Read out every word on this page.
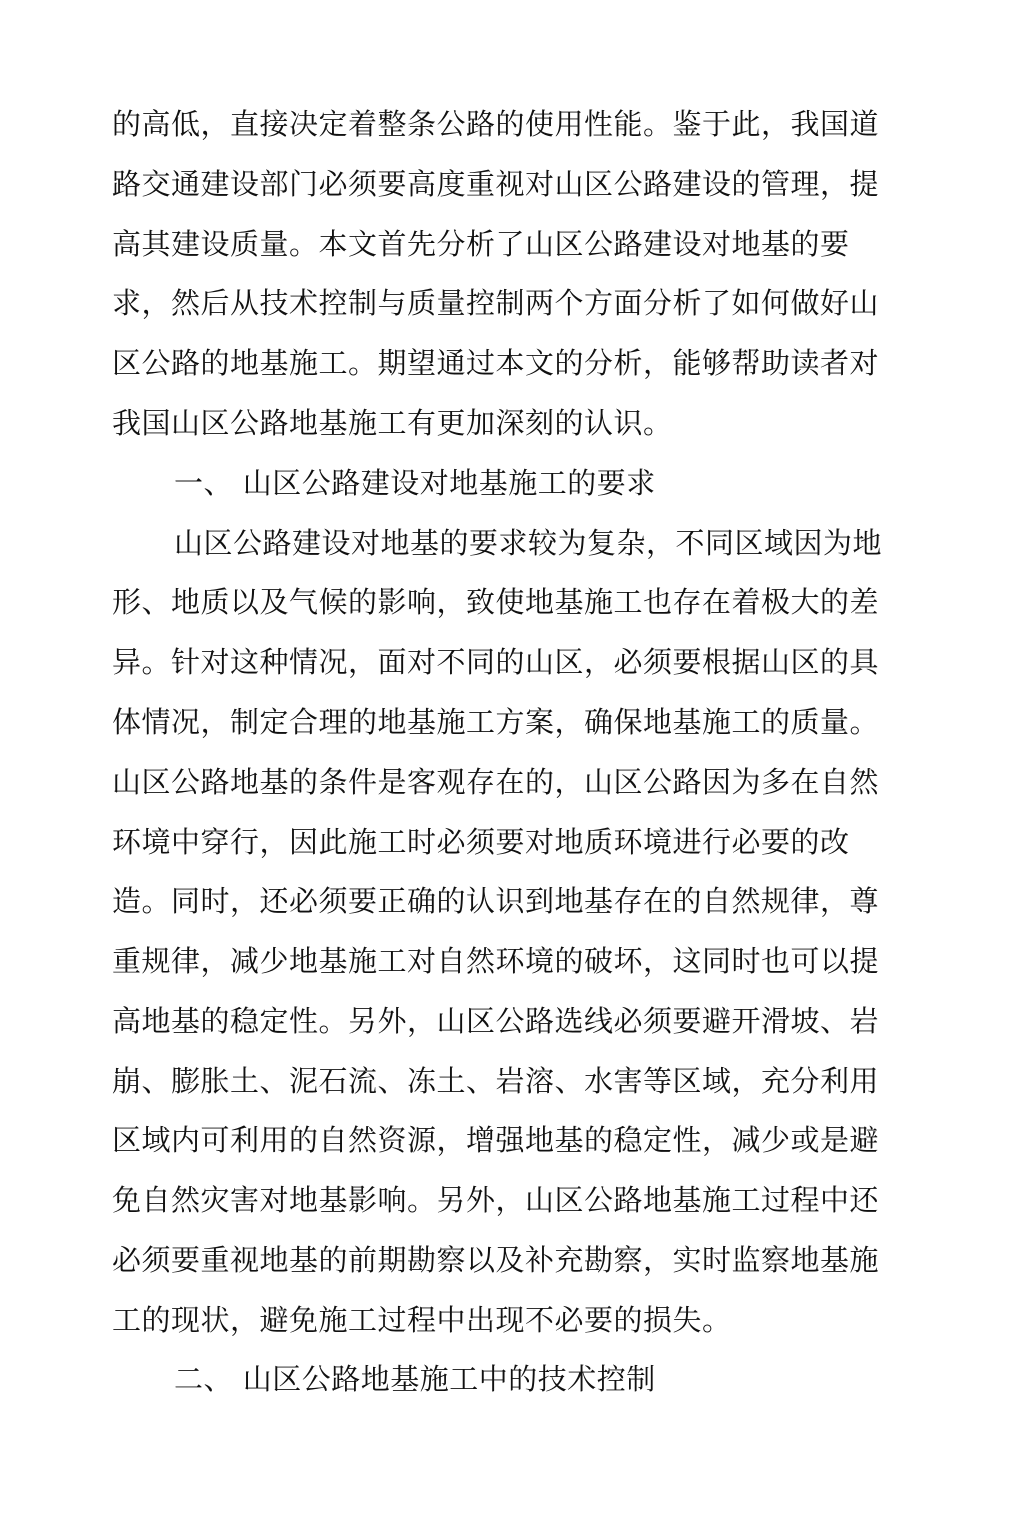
的高低，直接决定着整条公路的使用性能。鉴于此，我国道
路交通建设部门必须要高度重视对山区公路建设的管理，提
高其建设质量。本文首先分析了山区公路建设对地基的要
求，然后从技术控制与质量控制两个方面分析了如何做好山
区公路的地基施工。期望通过本文的分析，能够帮助读者对
我国山区公路地基施工有更加深刻的认识。
一、 山区公路建设对地基施工的要求
山区公路建设对地基的要求较为复杂，不同区域因为地
形、地质以及气候的影响，致使地基施工也存在着极大的差
异。针对这种情况，面对不同的山区，必须要根据山区的具
体情况，制定合理的地基施工方案，确保地基施工的质量。
山区公路地基的条件是客观存在的，山区公路因为多在自然
环境中穿行，因此施工时必须要对地质环境进行必要的改
造。同时，还必须要正确的认识到地基存在的自然规律，尊
重规律，减少地基施工对自然环境的破坏，这同时也可以提
高地基的稳定性。另外，山区公路选线必须要避开滑坡、岩
崩、膨胀土、泥石流、冻土、岩溶、水害等区域，充分利用
区域内可利用的自然资源，增强地基的稳定性，减少或是避
免自然灾害对地基影响。另外，山区公路地基施工过程中还
必须要重视地基的前期勘察以及补充勘察，实时监察地基施
工的现状，避免施工过程中出现不必要的损失。
二、 山区公路地基施工中的技术控制
